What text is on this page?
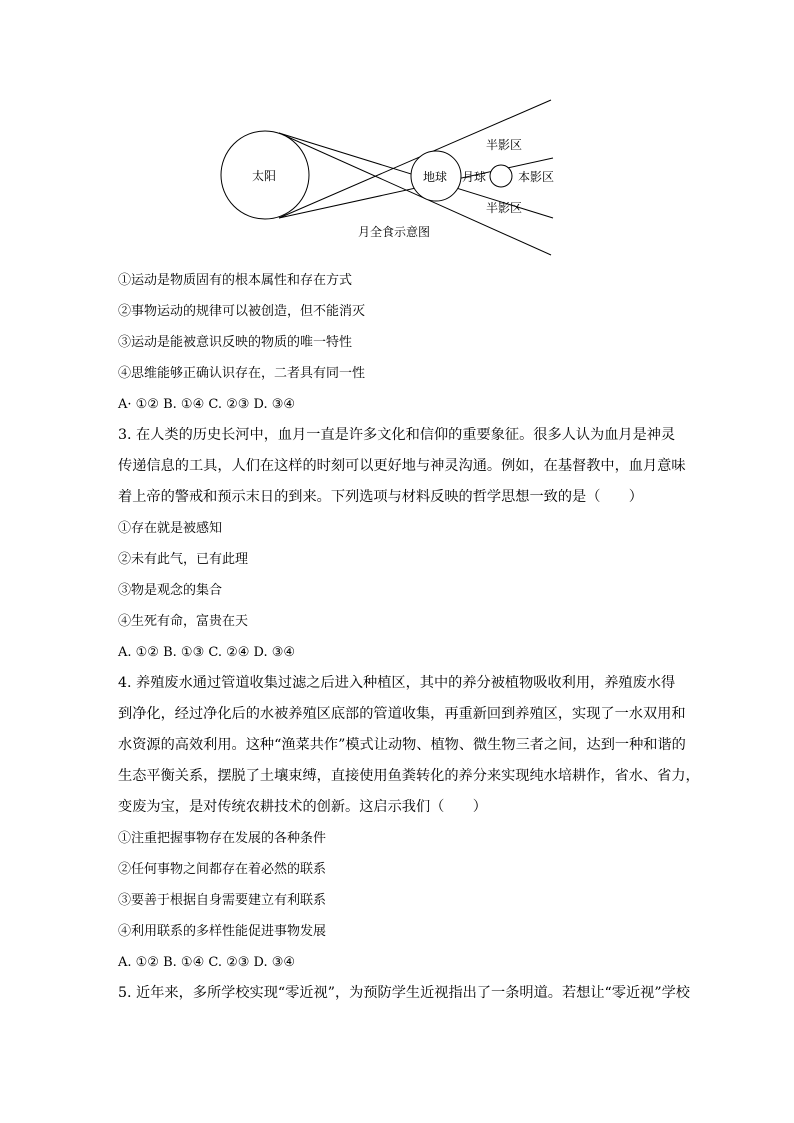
太阳	地球 月球
半影区
本影区
半影区
月全食示意图
①运动是物质固有的根本属性和存在方式
②事物运动的规律可以被创造，但不能消灭
③运动是能被意识反映的物质的唯一特性
④思维能够正确认识存在，二者具有同一性
A· ①② B. ①④ C. ②③ D. ③④
3. 在人类的历史长河中，血月一直是许多文化和信仰的重要象征。很多人认为血月是神灵
传递信息的工具，人们在这样的时刻可以更好地与神灵沟通。例如，在基督教中，血月意味
着上帝的警戒和预示末日的到来。下列选项与材料反映的哲学思想一致的是（　　）
①存在就是被感知
②未有此气，已有此理
③物是观念的集合
④生死有命，富贵在天
A. ①② B. ①③ C. ②④ D. ③④
4. 养殖废水通过管道收集过滤之后进入种植区，其中的养分被植物吸收利用，养殖废水得
到净化，经过净化后的水被养殖区底部的管道收集，再重新回到养殖区，实现了一水双用和
水资源的高效利用。这种“渔菜共作”模式让动物、植物、微生物三者之间，达到一种和谐的
生态平衡关系，摆脱了土壤束缚，直接使用鱼粪转化的养分来实现纯水培耕作，省水、省力，
变废为宝，是对传统农耕技术的创新。这启示我们（　　）
①注重把握事物存在发展的各种条件
②任何事物之间都存在着必然的联系
③要善于根据自身需要建立有利联系
④利用联系的多样性能促进事物发展
A. ①② B. ①④ C. ②③ D. ③④
5. 近年来，多所学校实现“零近视”，为预防学生近视指出了一条明道。若想让“零近视”学校
